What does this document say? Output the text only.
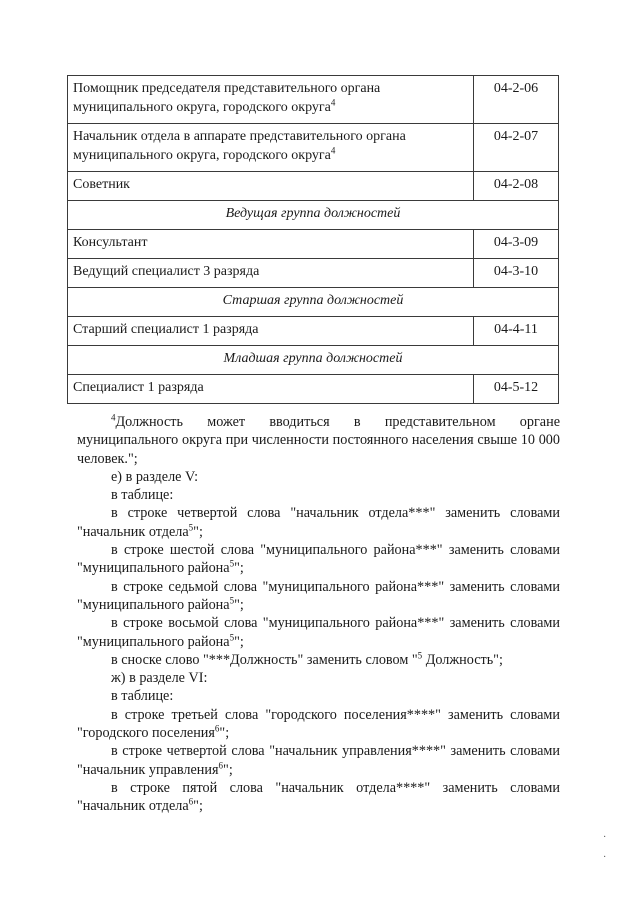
Помощник председателя представительного органа муниципального округа, городского округа$^4$	04-2-06
Начальник отдела в аппарате представительного органа муниципального округа, городского округа$^4$	04-2-07
Советник	04-2-08
Ведущая группа должностей	
Консультант	04-3-09
Ведущий специалист 3 разряда	04-3-10
Старшая группа должностей	
Старший специалист 1 разряда	04-4-11
Младшая группа должностей	
Специалист 1 разряда	04-5-12

$^4$Должность может вводиться в представительном органе муниципального округа при численности постоянного населения свыше 10 000 человек.";

е) в разделе V:

в таблице:

в строке четвертой слова "начальник отдела***" заменить словами "начальник отдела$^5$";

в строке шестой слова "муниципального района***" заменить словами "муниципального района$^5$";

в строке седьмой слова "муниципального района***" заменить словами "муниципального района$^5$";

в строке восьмой слова "муниципального района***" заменить словами "муниципального района$^5$";

в сноске слово "***Должность" заменить словом "$^5$ Должность";

ж) в разделе VI:

в таблице:

в строке третьей слова "городского поселения****" заменить словами "городского поселения$^6$";

в строке четвертой слова "начальник управления****" заменить словами "начальник управления$^6$";

в строке пятой слова "начальник отдела****" заменить словами "начальник отдела$^6$";

·
·
